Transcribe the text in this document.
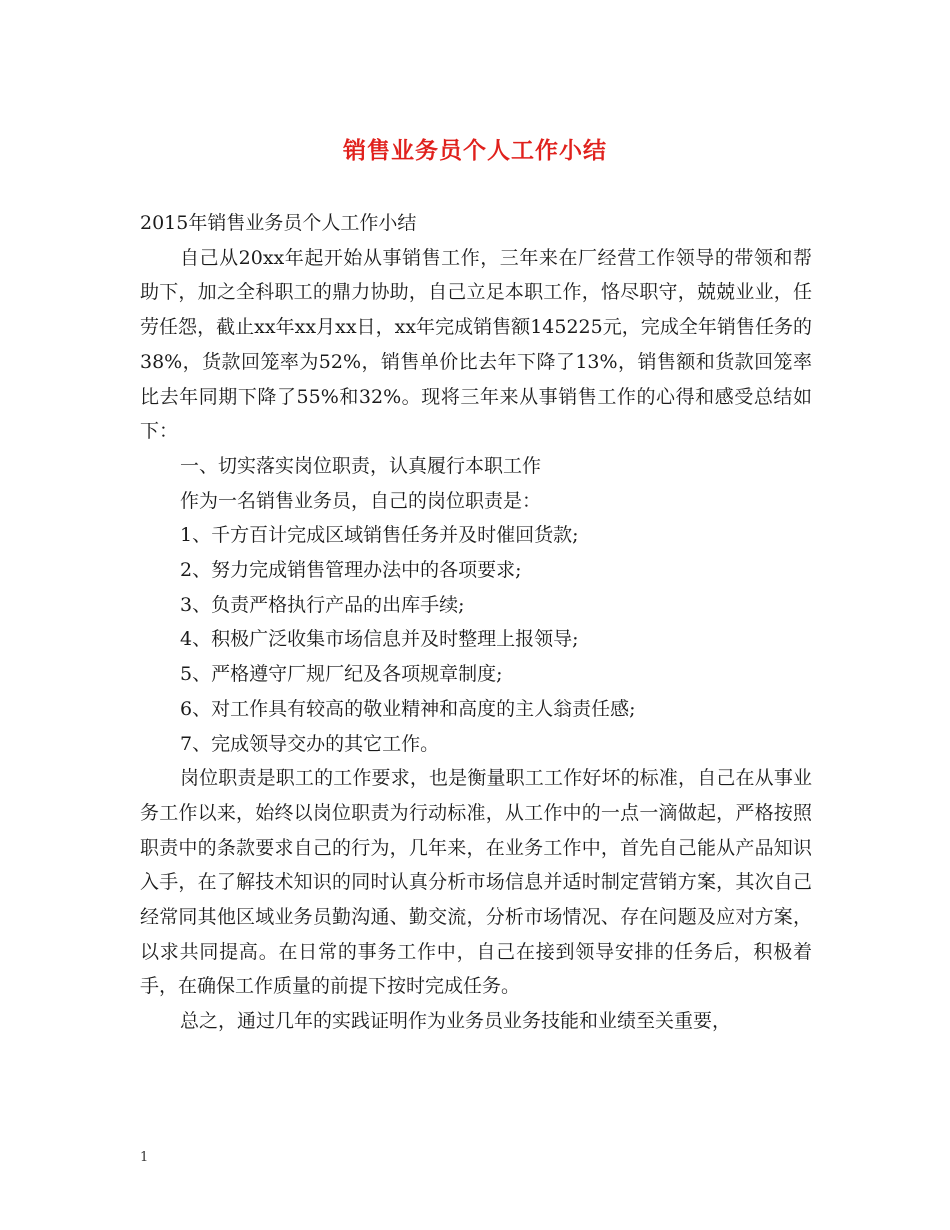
销售业务员个人工作小结

2015年销售业务员个人工作小结

自己从20xx年起开始从事销售工作，三年来在厂经营工作领导的带领和帮助下，加之全科职工的鼎力协助，自己立足本职工作，恪尽职守，兢兢业业，任劳任怨，截止xx年xx月xx日，xx年完成销售额145225元，完成全年销售任务的38%，货款回笼率为52%，销售单价比去年下降了13%，销售额和货款回笼率比去年同期下降了55%和32%。现将三年来从事销售工作的心得和感受总结如下：

一、切实落实岗位职责，认真履行本职工作

作为一名销售业务员，自己的岗位职责是：

1、千方百计完成区域销售任务并及时催回货款;

2、努力完成销售管理办法中的各项要求;

3、负责严格执行产品的出库手续;

4、积极广泛收集市场信息并及时整理上报领导;

5、严格遵守厂规厂纪及各项规章制度;

6、对工作具有较高的敬业精神和高度的主人翁责任感;

7、完成领导交办的其它工作。

岗位职责是职工的工作要求，也是衡量职工工作好坏的标准，自己在从事业务工作以来，始终以岗位职责为行动标准，从工作中的一点一滴做起，严格按照职责中的条款要求自己的行为，几年来，在业务工作中，首先自己能从产品知识入手，在了解技术知识的同时认真分析市场信息并适时制定营销方案，其次自己经常同其他区域业务员勤沟通、勤交流，分析市场情况、存在问题及应对方案，以求共同提高。在日常的事务工作中，自己在接到领导安排的任务后，积极着手，在确保工作质量的前提下按时完成任务。

总之，通过几年的实践证明作为业务员业务技能和业绩至关重要，

1
